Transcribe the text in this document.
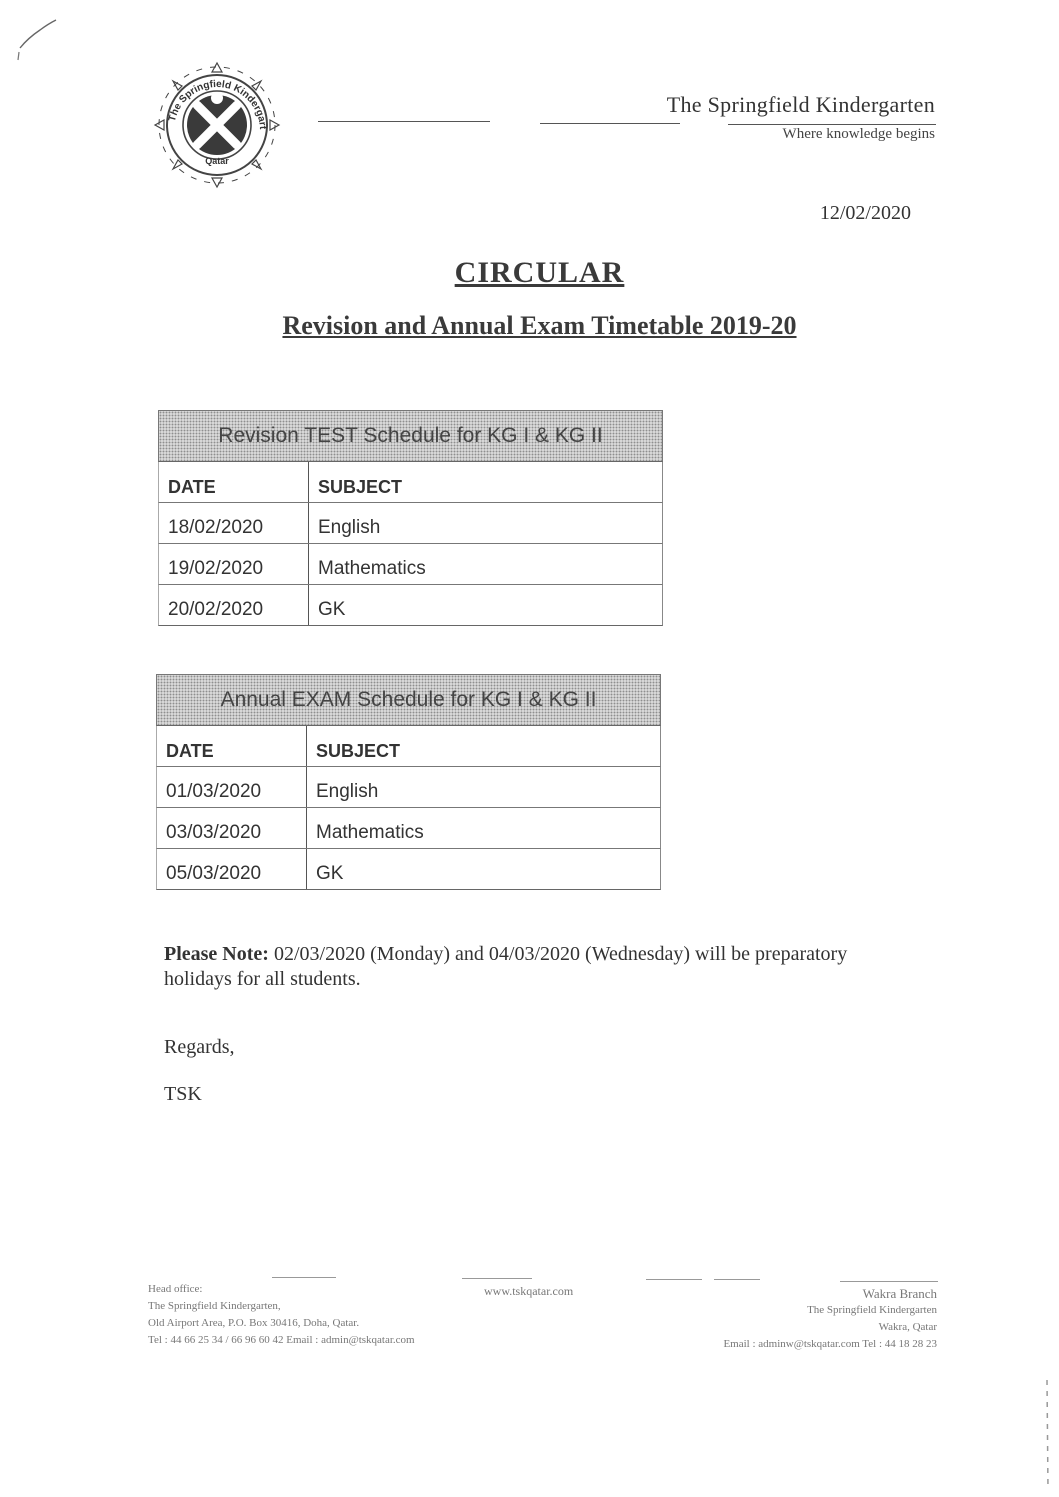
The Springfield Kindergart
Qatar
The Springfield Kindergarten
Where knowledge begins
12/02/2020
CIRCULAR
Revision and Annual Exam Timetable 2019-20
Revision TEST Schedule for KG I & KG II
DATE	SUBJECT
18/02/2020	English
19/02/2020	Mathematics
20/02/2020	GK
Annual EXAM Schedule for KG I & KG II
DATE	SUBJECT
01/03/2020	English
03/03/2020	Mathematics
05/03/2020	GK
Please Note: 02/03/2020 (Monday) and 04/03/2020 (Wednesday) will be preparatory holidays for all students.
Regards,
TSK
Head office:
The Springfield Kindergarten,
Old Airport Area, P.O. Box 30416, Doha, Qatar.
Tel : 44 66 25 34 / 66 96 60 42 Email : admin@tskqatar.com
www.tskqatar.com	Wakra Branch
The Springfield Kindergarten
Wakra, Qatar
Email : adminw@tskqatar.com Tel : 44 18 28 23
